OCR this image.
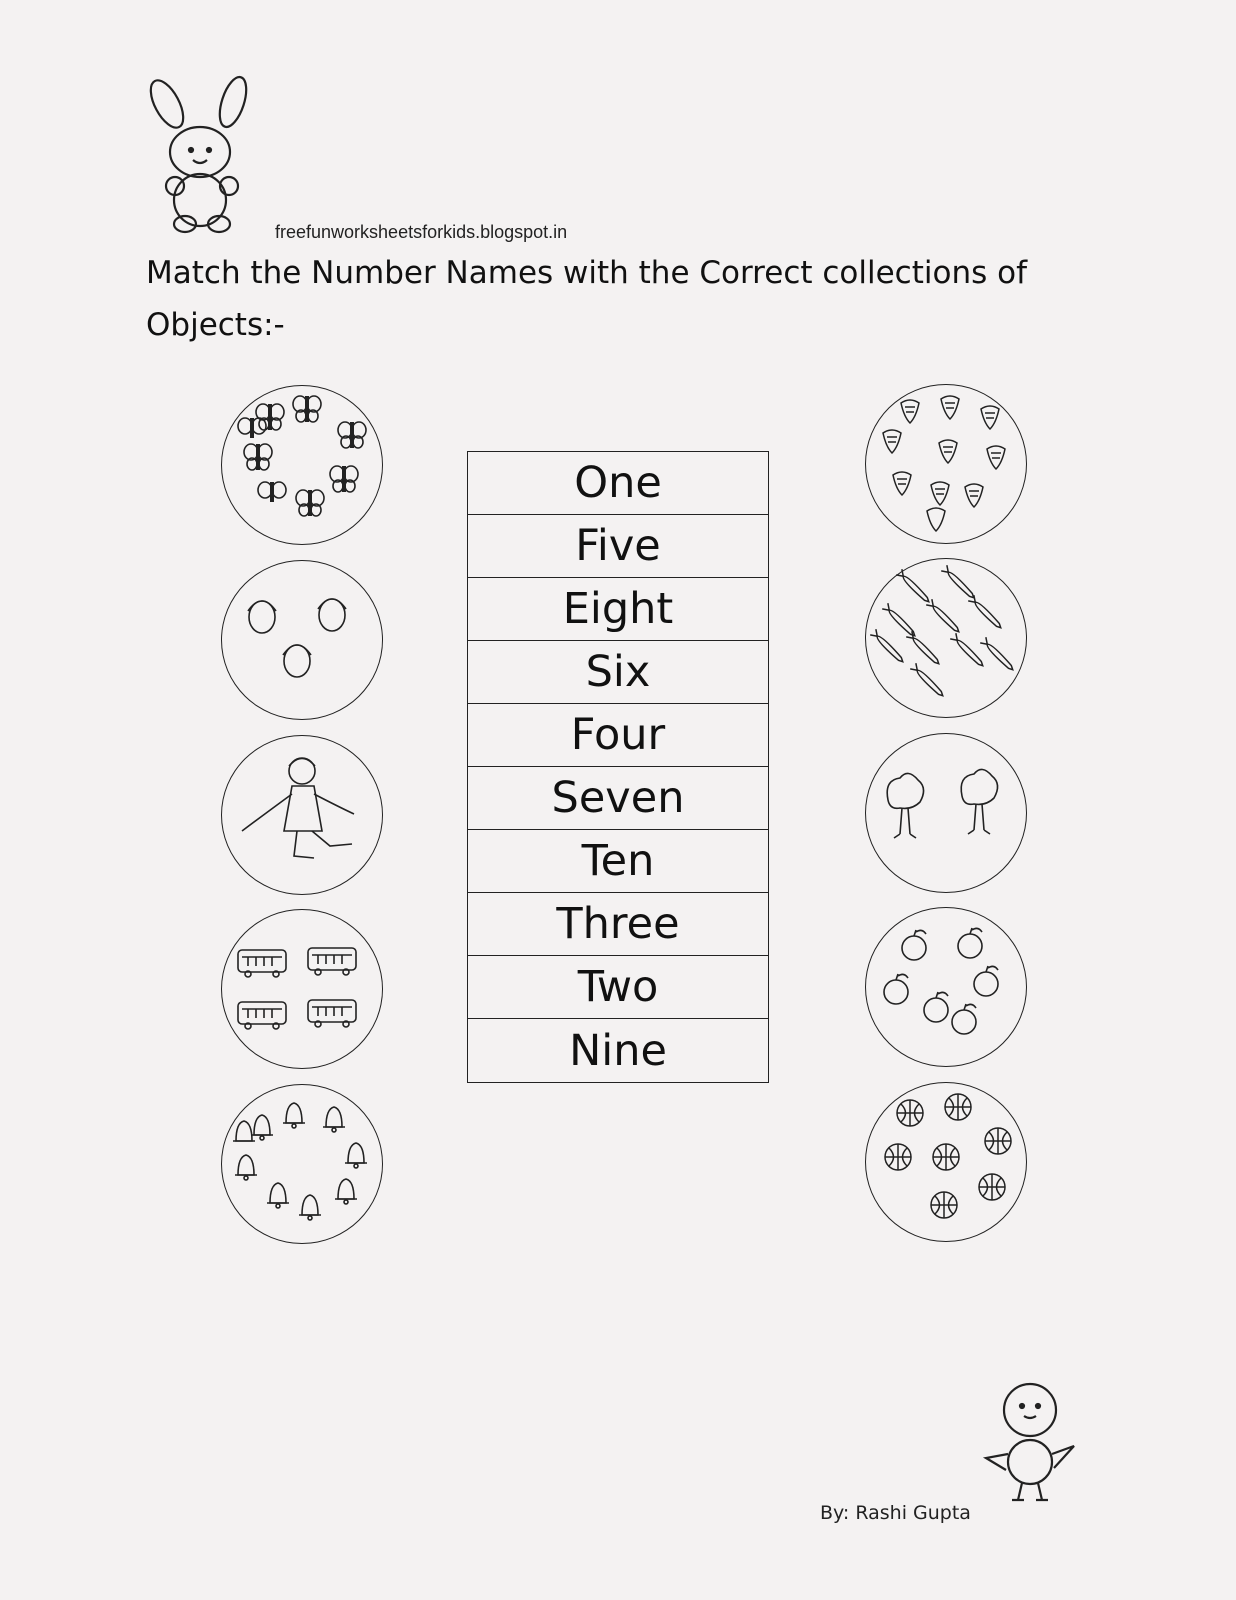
freefunworksheetsforkids.blogspot.in
Match the Number Names with the Correct collections of
Objects:-
One
Five
Eight
Six
Four
Seven
Ten
Three
Two
Nine
By: Rashi Gupta
